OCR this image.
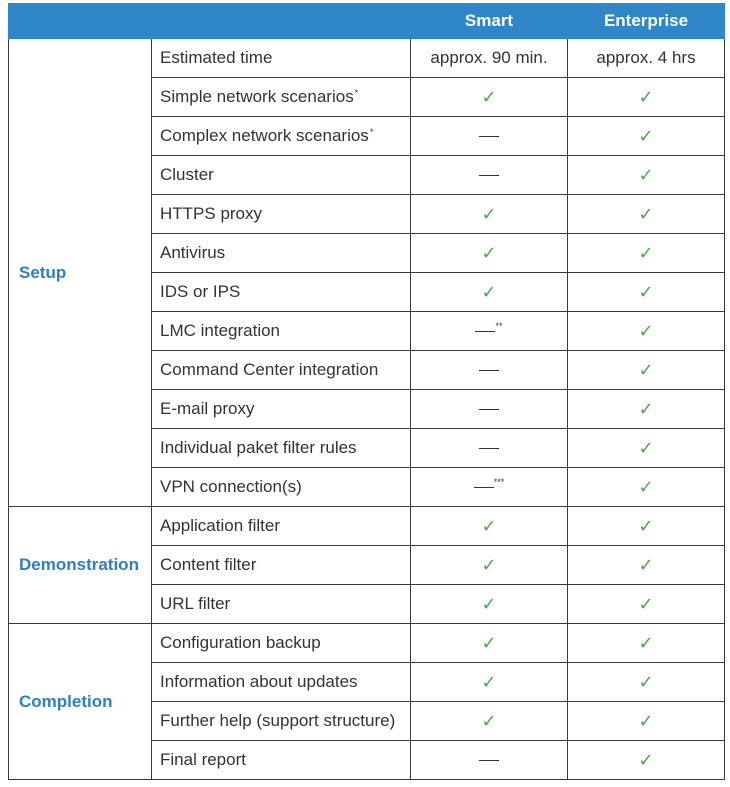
		Smart	Enterprise
Setup	Estimated time	approx. 90 min.	approx. 4 hrs
	Simple network scenarios*	✓	✓
	Complex network scenarios*		✓
	Cluster		✓
	HTTPS proxy	✓	✓
	Antivirus	✓	✓
	IDS or IPS	✓	✓
	LMC integration	**	✓
	Command Center integration		✓
	E-mail proxy		✓
	Individual paket filter rules		✓
	VPN connection(s)	***	✓
Demonstration	Application filter	✓	✓
	Content filter	✓	✓
	URL filter	✓	✓
Completion	Configuration backup	✓	✓
	Information about updates	✓	✓
	Further help (support structure)	✓	✓
	Final report		✓
